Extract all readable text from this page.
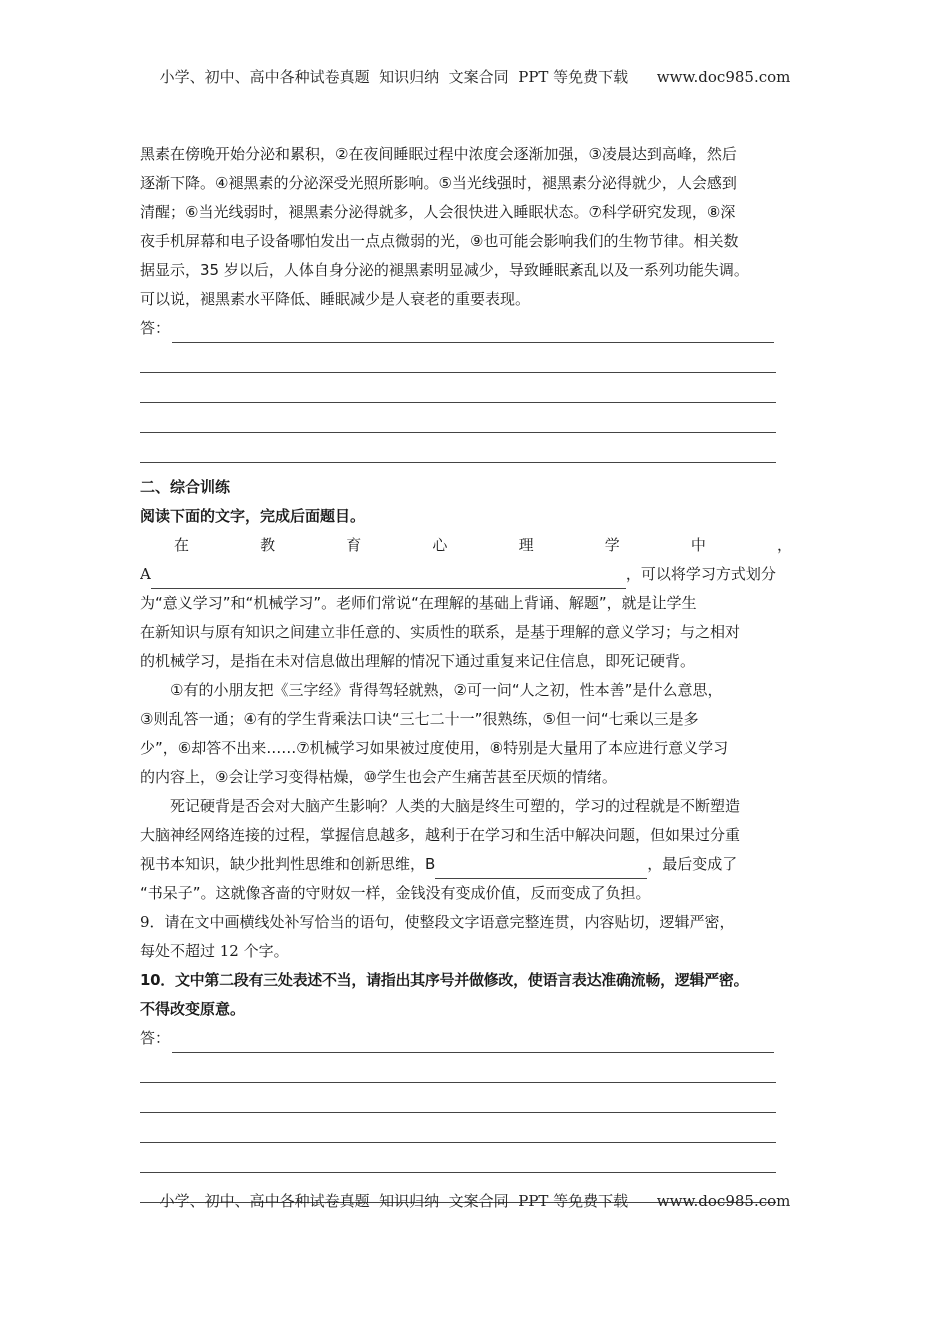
小学、初中、高中各种试卷真题  知识归纳  文案合同  PPT 等免费下载      www.doc985.com
黑素在傍晚开始分泌和累积，②在夜间睡眠过程中浓度会逐渐加强，③凌晨达到高峰，然后
逐渐下降。④褪黑素的分泌深受光照所影响。⑤当光线强时，褪黑素分泌得就少，人会感到
清醒；⑥当光线弱时，褪黑素分泌得就多，人会很快进入睡眠状态。⑦科学研究发现，⑧深
夜手机屏幕和电子设备哪怕发出一点点微弱的光，⑨也可能会影响我们的生物节律。相关数
据显示，35 岁以后，人体自身分泌的褪黑素明显减少，导致睡眠紊乱以及一系列功能失调。
可以说，褪黑素水平降低、睡眠减少是人衰老的重要表现。
答：
二、综合训练
阅读下面的文字，完成后面题目。
在	教	育	心	理	学	中	，
A	，可以将学习方式划分
为“意义学习”和“机械学习”。老师们常说“在理解的基础上背诵、解题”，就是让学生
在新知识与原有知识之间建立非任意的、实质性的联系，是基于理解的意义学习；与之相对
的机械学习，是指在未对信息做出理解的情况下通过重复来记住信息，即死记硬背。
①有的小朋友把《三字经》背得驾轻就熟，②可一问“人之初，性本善”是什么意思，
③则乱答一通；④有的学生背乘法口诀“三七二十一”很熟练，⑤但一问“七乘以三是多
少”，⑥却答不出来……⑦机械学习如果被过度使用，⑧特别是大量用了本应进行意义学习
的内容上，⑨会让学习变得枯燥，⑩学生也会产生痛苦甚至厌烦的情绪。
死记硬背是否会对大脑产生影响？人类的大脑是终生可塑的，学习的过程就是不断塑造
大脑神经网络连接的过程，掌握信息越多，越利于在学习和生活中解决问题，但如果过分重
视书本知识，缺少批判性思维和创新思维，B	，最后变成了
“书呆子”。这就像吝啬的守财奴一样，金钱没有变成价值，反而变成了负担。
9．请在文中画横线处补写恰当的语句，使整段文字语意完整连贯，内容贴切，逻辑严密，
每处不超过 12 个字。
10．文中第二段有三处表述不当，请指出其序号并做修改，使语言表达准确流畅，逻辑严密。
不得改变原意。
答：
小学、初中、高中各种试卷真题  知识归纳  文案合同  PPT 等免费下载      www.doc985.com
